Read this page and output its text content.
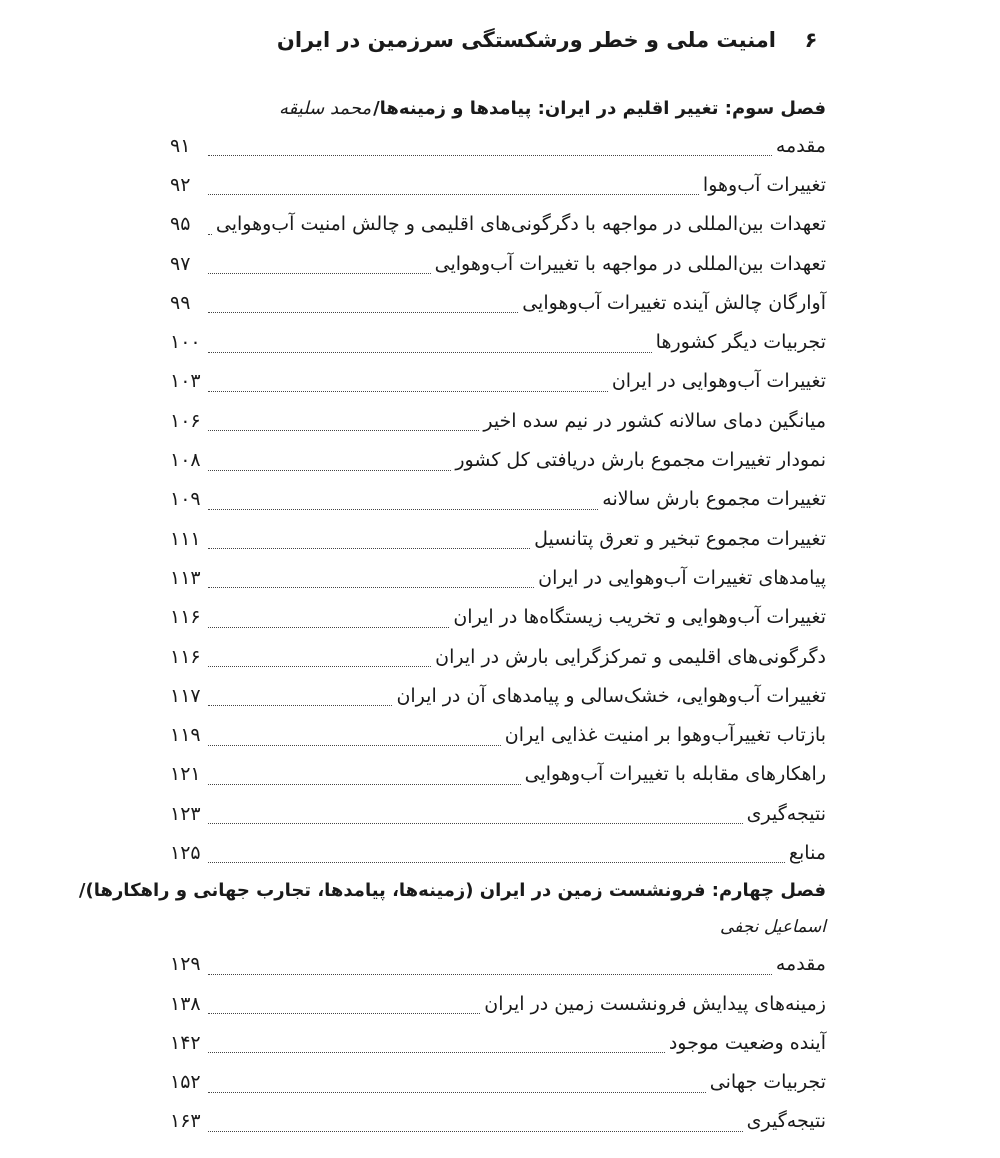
۶
امنیت ملی و خطر ورشکستگی سرزمین در ایران
فصل سوم: تغییر اقلیم در ایران: پیامدها و زمینه‌ها/
محمد سلیقه
مقدمه
۹۱
تغییرات آب‌وهوا
۹۲
تعهدات بین‌المللی در مواجهه با دگرگونی‌های اقلیمی و چالش امنیت آب‌وهوایی
۹۵
تعهدات بین‌المللی در مواجهه با تغییرات آب‌وهوایی
۹۷
آوارگان چالش آینده تغییرات آب‌وهوایی
۹۹
تجربیات دیگر کشورها
۱۰۰
تغییرات آب‌وهوایی در ایران
۱۰۳
میانگین دمای سالانه کشور در نیم سده اخیر
۱۰۶
نمودار تغییرات مجموع بارش دریافتی کل کشور
۱۰۸
تغییرات مجموع بارش سالانه
۱۰۹
تغییرات مجموع تبخیر و تعرق پتانسیل
۱۱۱
پیامدهای تغییرات آب‌وهوایی در ایران
۱۱۳
تغییرات آب‌وهوایی و تخریب زیستگاه‌ها در ایران
۱۱۶
دگرگونی‌های اقلیمی و تمرکزگرایی بارش در ایران
۱۱۶
تغییرات آب‌وهوایی، خشک‌سالی و پیامدهای آن در ایران
۱۱۷
بازتاب تغییرآب‌وهوا بر امنیت غذایی ایران
۱۱۹
راهکارهای مقابله با تغییرات آب‌وهوایی
۱۲۱
نتیجه‌گیری
۱۲۳
منابع
۱۲۵
فصل چهارم: فرونشست زمین در ایران (زمینه‌ها، پیامدها، تجارب جهانی و راهکارها)/
اسماعیل نجفی
مقدمه
۱۲۹
زمینه‌های پیدایش فرونشست زمین در ایران
۱۳۸
آینده وضعیت موجود
۱۴۲
تجربیات جهانی
۱۵۲
نتیجه‌گیری
۱۶۳
